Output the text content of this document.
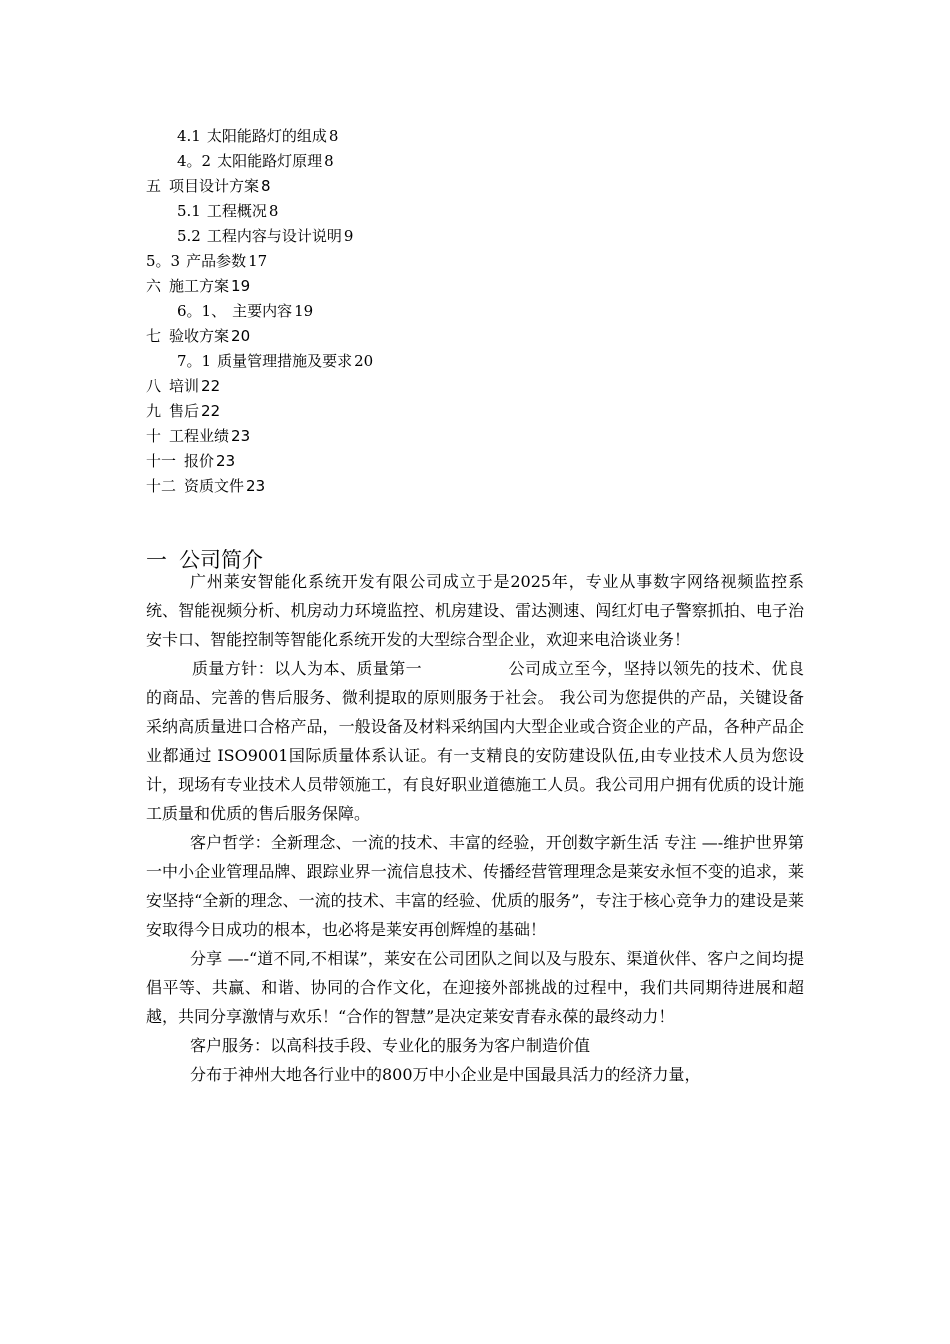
4.1 太阳能路灯的组成 8
4。2 太阳能路灯原理 8
五 项目设计方案 8
5.1 工程概况 8
5.2 工程内容与设计说明 9
5。3 产品参数 17
六 施工方案 19
6。1、 主要内容 19
七 验收方案 20
7。1 质量管理措施及要求 20
八 培训 22
九 售后 22
十 工程业绩 23
十一 报价 23
十二 资质文件 23
一 公司简介

广州莱安智能化系统开发有限公司成立于是2025年，专业从事数字网络视频监控系统、智能视频分析、机房动力环境监控、机房建设、雷达测速、闯红灯电子警察抓拍、电子治安卡口、智能控制等智能化系统开发的大型综合型企业，欢迎来电洽谈业务！

质量方针：以人为本、质量第一	公司成立至今，坚持以领先的技术、优良的商品、完善的售后服务、微利提取的原则服务于社会。 我公司为您提供的产品，关键设备采纳高质量进口合格产品，一般设备及材料采纳国内大型企业或合资企业的产品，各种产品企业都通过 ISO9001国际质量体系认证。有一支精良的安防建设队伍,由专业技术人员为您设计，现场有专业技术人员带领施工，有良好职业道德施工人员。我公司用户拥有优质的设计施工质量和优质的售后服务保障。

客户哲学：全新理念、一流的技术、丰富的经验，开创数字新生活 专注 —-维护世界第一中小企业管理品牌、跟踪业界一流信息技术、传播经营管理理念是莱安永恒不变的追求，莱安坚持“全新的理念、一流的技术、丰富的经验、优质的服务”，专注于核心竞争力的建设是莱安取得今日成功的根本，也必将是莱安再创辉煌的基础！

分享 —-“道不同,不相谋”，莱安在公司团队之间以及与股东、渠道伙伴、客户之间均提倡平等、共赢、和谐、协同的合作文化，在迎接外部挑战的过程中，我们共同期待进展和超越，共同分享激情与欢乐！“合作的智慧”是决定莱安青春永葆的最终动力！

客户服务：以高科技手段、专业化的服务为客户制造价值

分布于神州大地各行业中的800万中小企业是中国最具活力的经济力量，
